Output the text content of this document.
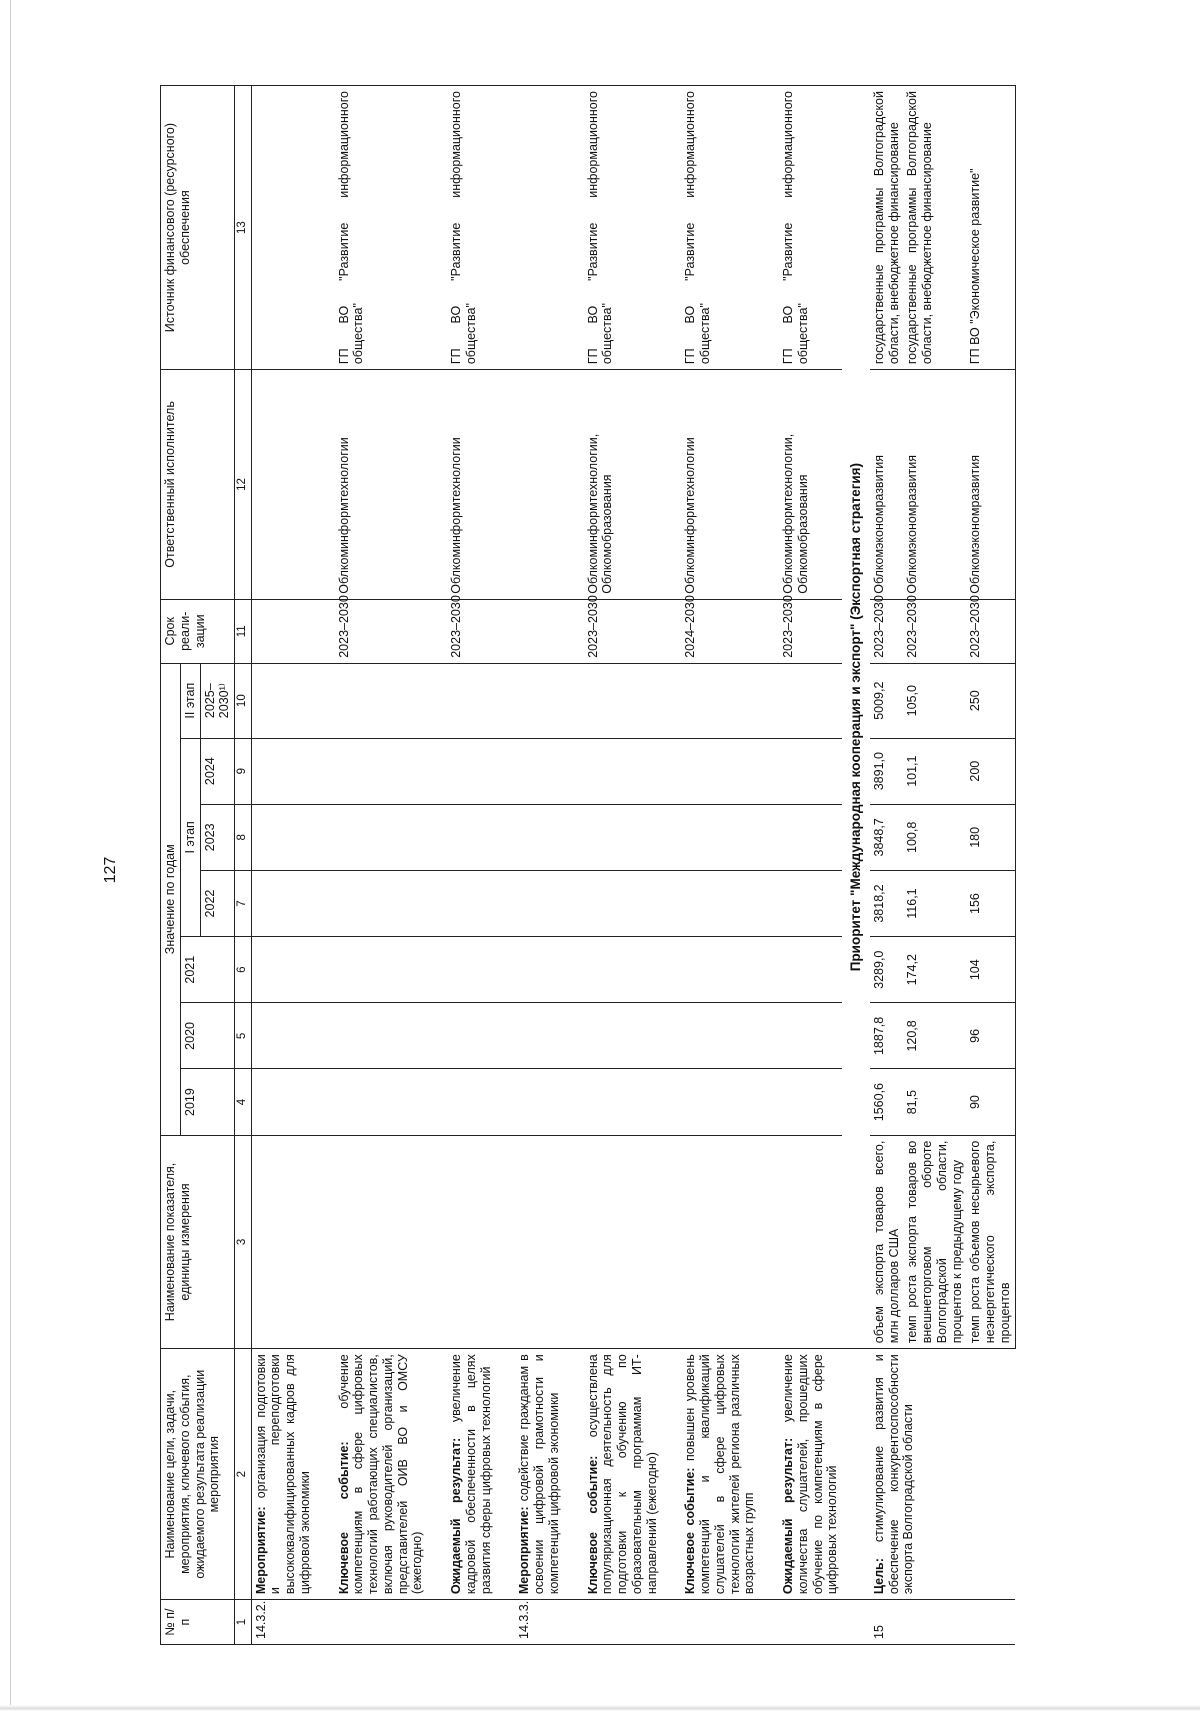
127
№ п/п	Наименование цели, задачи, мероприятия, ключевого события, ожидаемого результата реализации мероприятия	Наименование показателя, единицы измерения	Значение по годам							Срок реали-зации	Ответственный исполнитель	Источник финансового (ресурсного) обеспечения
			2019	2020	2021	I этап			II этап			
						2022	2023	2024	2025–2030¹⁾			
1	2	3	4	5	6	7	8	9	10	11	12	13
14.3.2.	Мероприятие: организация подготовки и переподготовки высококвалифицированных кадров для цифровой экономики											

	Ключевое событие: обучение компетенциям в сфере цифровых технологий работающих специалистов, включая руководителей организаций, представителей ОИВ ВО и ОМСУ (ежегодно)									2023–2030	Облкоминформтехнологии	ГП ВО "Развитие информационного общества"

	Ожидаемый результат: увеличение кадровой обеспеченности в целях развития сферы цифровых технологий									2023–2030	Облкоминформтехнологии	ГП ВО "Развитие информационного общества"

14.3.3.	Мероприятие: содействие гражданам в освоении цифровой грамотности и компетенций цифровой экономики											

	Ключевое событие: осуществлена популяризационная деятельность для подготовки к обучению по образовательным программам ИТ-направлений (ежегодно)									2023–2030	Облкоминформтехнологии, Облкомобразования	ГП ВО "Развитие информационного общества"

	Ключевое событие: повышен уровень компетенций и квалификаций слушателей в сфере цифровых технологий жителей региона различных возрастных групп									2024–2030	Облкоминформтехнологии	ГП ВО "Развитие информационного общества"

	Ожидаемый результат: увеличение количества слушателей, прошедших обучение по компетенциям в сфере цифровых технологий									2023–2030	Облкоминформтехнологии, Облкомобразования	ГП ВО "Развитие информационного общества"
		Приоритет "Международная кооперация и экспорт" (Экспортная стратегия)										
15	Цель: стимулирование развития и обеспечение конкурентоспособности экспорта Волгоградской области	объем экспорта товаров всего, млн долларов США	1560,6	1887,8	3289,0	3818,2	3848,7	3891,0	5009,2	2023–2030	Облкомэкономразвития	государственные программы Волгоградской области, внебюджетное финансирование
		темп роста экспорта товаров во внешнеторговом обороте Волгоградской области, процентов к предыдущему году	81,5	120,8	174,2	116,1	100,8	101,1	105,0	2023–2030	Облкомэкономразвития	государственные программы Волгоградской области, внебюджетное финансирование
		темп роста объемов несырьевого неэнергетического экспорта, процентов	90	96	104	156	180	200	250	2023–2030	Облкомэкономразвития	ГП ВО "Экономическое развитие"
